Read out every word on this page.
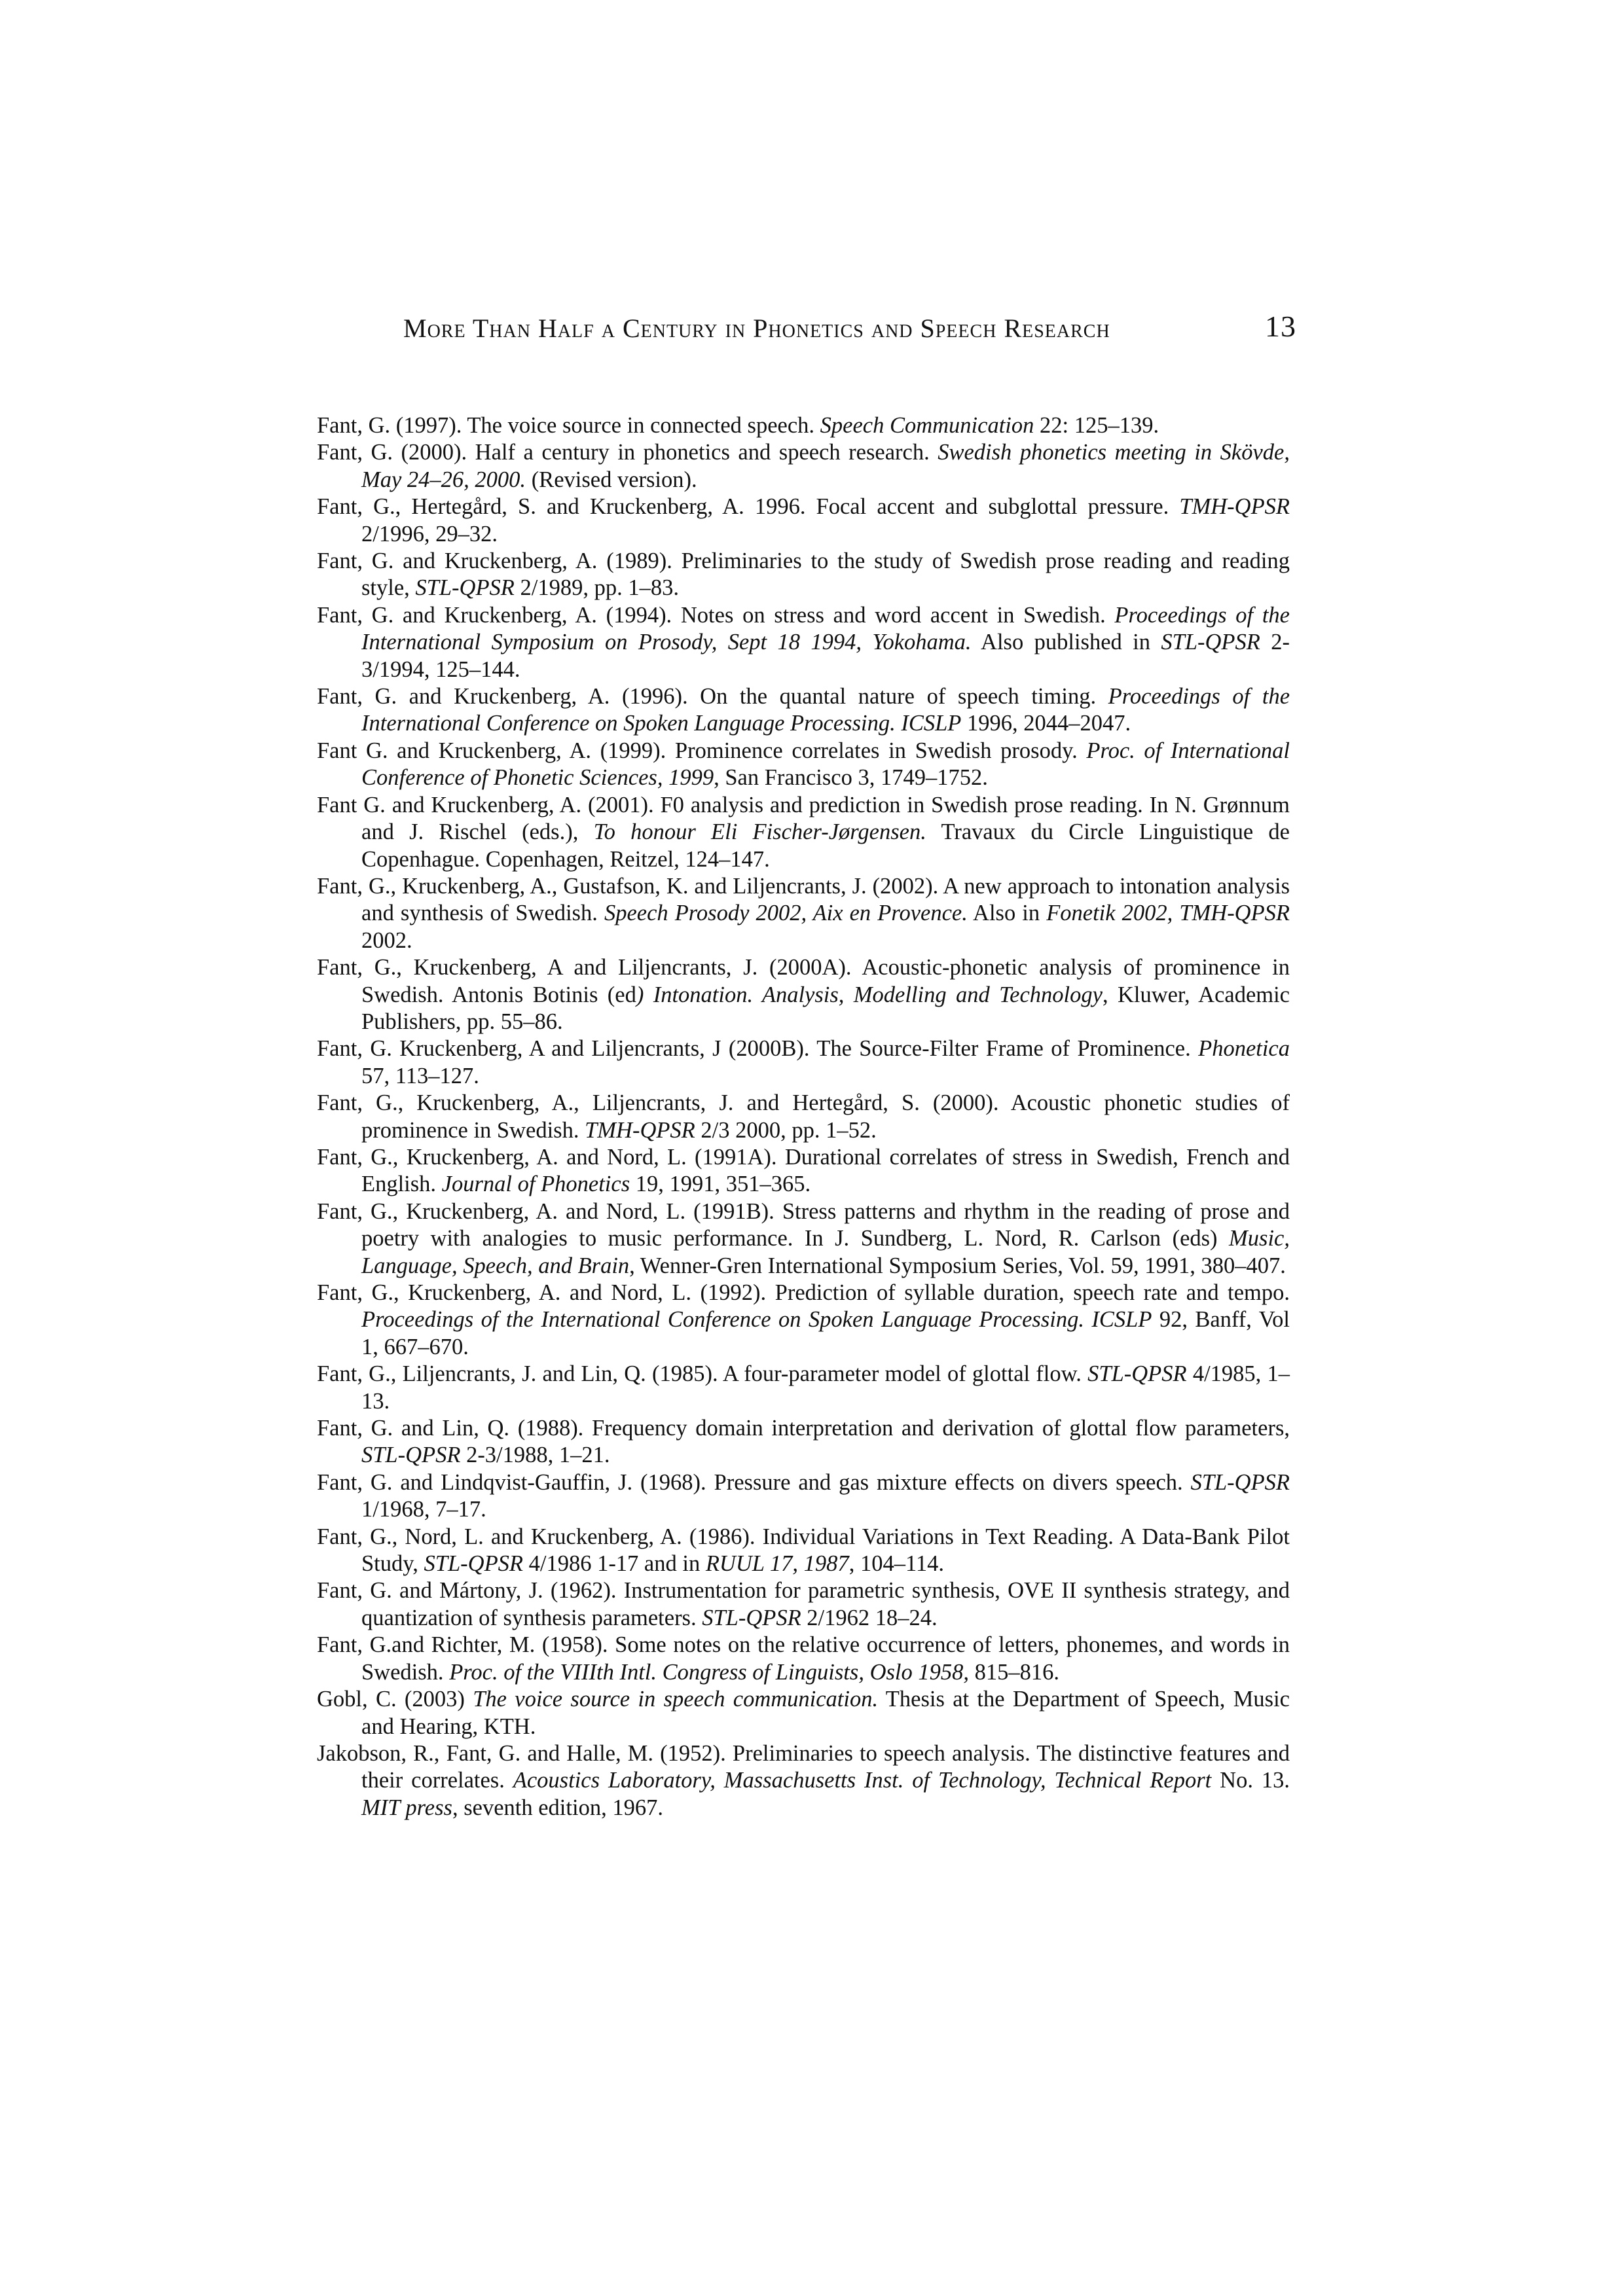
More Than Half a Century in Phonetics and Speech Research	13

Fant, G. (1997). The voice source in connected speech. Speech Communication 22: 125–139.

Fant, G. (2000). Half a century in phonetics and speech research. Swedish phonetics meeting in Skövde, May 24–26, 2000. (Revised version).

Fant, G., Hertegård, S. and Kruckenberg, A. 1996. Focal accent and subglottal pressure. TMH-QPSR 2/1996, 29–32.

Fant, G. and Kruckenberg, A. (1989). Preliminaries to the study of Swedish prose reading and reading style, STL-QPSR 2/1989, pp. 1–83.

Fant, G. and Kruckenberg, A. (1994). Notes on stress and word accent in Swedish. Proceedings of the International Symposium on Prosody, Sept 18 1994, Yokohama. Also published in STL-QPSR 2-3/1994, 125–144.

Fant, G. and Kruckenberg, A. (1996). On the quantal nature of speech timing. Proceedings of the International Conference on Spoken Language Processing. ICSLP 1996, 2044–2047.

Fant G. and Kruckenberg, A. (1999). Prominence correlates in Swedish prosody. Proc. of International Conference of Phonetic Sciences, 1999, San Francisco 3, 1749–1752.

Fant G. and Kruckenberg, A. (2001). F0 analysis and prediction in Swedish prose reading. In N. Grønnum and J. Rischel (eds.), To honour Eli Fischer-Jørgensen. Travaux du Circle Linguistique de Copenhague. Copenhagen, Reitzel, 124–147.

Fant, G., Kruckenberg, A., Gustafson, K. and Liljencrants, J. (2002). A new approach to intonation analysis and synthesis of Swedish. Speech Prosody 2002, Aix en Provence. Also in Fonetik 2002, TMH-QPSR 2002.

Fant, G., Kruckenberg, A and Liljencrants, J. (2000A). Acoustic-phonetic analysis of prominence in Swedish. Antonis Botinis (ed) Intonation. Analysis, Modelling and Technology, Kluwer, Academic Publishers, pp. 55–86.

Fant, G. Kruckenberg, A and Liljencrants, J (2000B). The Source-Filter Frame of Prominence. Phonetica 57, 113–127.

Fant, G., Kruckenberg, A., Liljencrants, J. and Hertegård, S. (2000). Acoustic phonetic studies of prominence in Swedish. TMH-QPSR 2/3 2000, pp. 1–52.

Fant, G., Kruckenberg, A. and Nord, L. (1991A). Durational correlates of stress in Swedish, French and English. Journal of Phonetics 19, 1991, 351–365.

Fant, G., Kruckenberg, A. and Nord, L. (1991B). Stress patterns and rhythm in the reading of prose and poetry with analogies to music performance. In J. Sundberg, L. Nord, R. Carlson (eds) Music, Language, Speech, and Brain, Wenner-Gren International Symposium Series, Vol. 59, 1991, 380–407.

Fant, G., Kruckenberg, A. and Nord, L. (1992). Prediction of syllable duration, speech rate and tempo. Proceedings of the International Conference on Spoken Language Processing. ICSLP 92, Banff, Vol 1, 667–670.

Fant, G., Liljencrants, J. and Lin, Q. (1985). A four-parameter model of glottal flow. STL-QPSR 4/1985, 1–13.

Fant, G. and Lin, Q. (1988). Frequency domain interpretation and derivation of glottal flow parameters, STL-QPSR 2-3/1988, 1–21.

Fant, G. and Lindqvist-Gauffin, J. (1968). Pressure and gas mixture effects on divers speech. STL-QPSR 1/1968, 7–17.

Fant, G., Nord, L. and Kruckenberg, A. (1986). Individual Variations in Text Reading. A Data-Bank Pilot Study, STL-QPSR 4/1986 1-17 and in RUUL 17, 1987, 104–114.

Fant, G. and Mártony, J. (1962). Instrumentation for parametric synthesis, OVE II synthesis strategy, and quantization of synthesis parameters. STL-QPSR 2/1962 18–24.

Fant, G.and Richter, M. (1958). Some notes on the relative occurrence of letters, phonemes, and words in Swedish. Proc. of the VIIIth Intl. Congress of Linguists, Oslo 1958, 815–816.

Gobl, C. (2003) The voice source in speech communication. Thesis at the Department of Speech, Music and Hearing, KTH.

Jakobson, R., Fant, G. and Halle, M. (1952). Preliminaries to speech analysis. The distinctive features and their correlates. Acoustics Laboratory, Massachusetts Inst. of Technology, Technical Report No. 13. MIT press, seventh edition, 1967.
